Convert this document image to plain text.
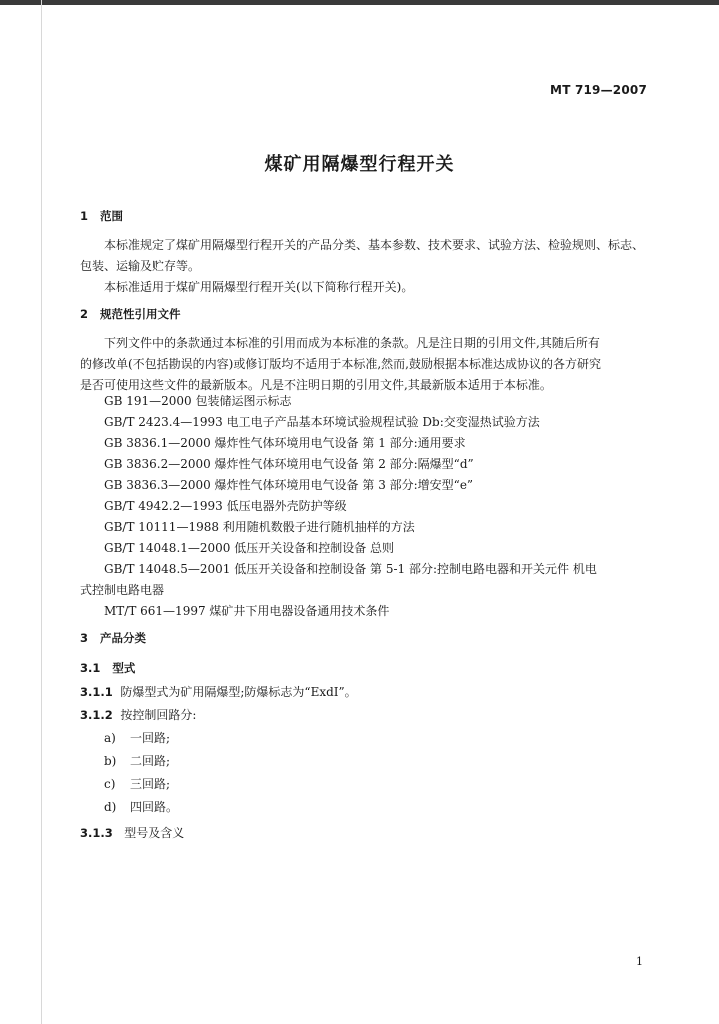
MT 719—2007
煤矿用隔爆型行程开关
1 范围
本标准规定了煤矿用隔爆型行程开关的产品分类、基本参数、技术要求、试验方法、检验规则、标志、
包装、运输及贮存等。
本标准适用于煤矿用隔爆型行程开关(以下简称行程开关)。
2 规范性引用文件
下列文件中的条款通过本标准的引用而成为本标准的条款。凡是注日期的引用文件,其随后所有
的修改单(不包括勘误的内容)或修订版均不适用于本标准,然而,鼓励根据本标准达成协议的各方研究
是否可使用这些文件的最新版本。凡是不注明日期的引用文件,其最新版本适用于本标准。
GB 191—2000 包装储运图示标志
GB/T 2423.4—1993 电工电子产品基本环境试验规程试验 Db:交变湿热试验方法
GB 3836.1—2000 爆炸性气体环境用电气设备 第 1 部分:通用要求
GB 3836.2—2000 爆炸性气体环境用电气设备 第 2 部分:隔爆型“d”
GB 3836.3—2000 爆炸性气体环境用电气设备 第 3 部分:增安型“e”
GB/T 4942.2—1993 低压电器外壳防护等级
GB/T 10111—1988 利用随机数骰子进行随机抽样的方法
GB/T 14048.1—2000 低压开关设备和控制设备 总则
GB/T 14048.5—2001 低压开关设备和控制设备 第 5-1 部分:控制电路电器和开关元件 机电
式控制电路电器
MT/T 661—1997 煤矿井下用电器设备通用技术条件
3 产品分类
3.1 型式
3.1.1 防爆型式为矿用隔爆型;防爆标志为“ExdⅠ”。
3.1.2 按控制回路分:
a) 一回路;
b) 二回路;
c) 三回路;
d) 四回路。
3.1.3 型号及含义
1
